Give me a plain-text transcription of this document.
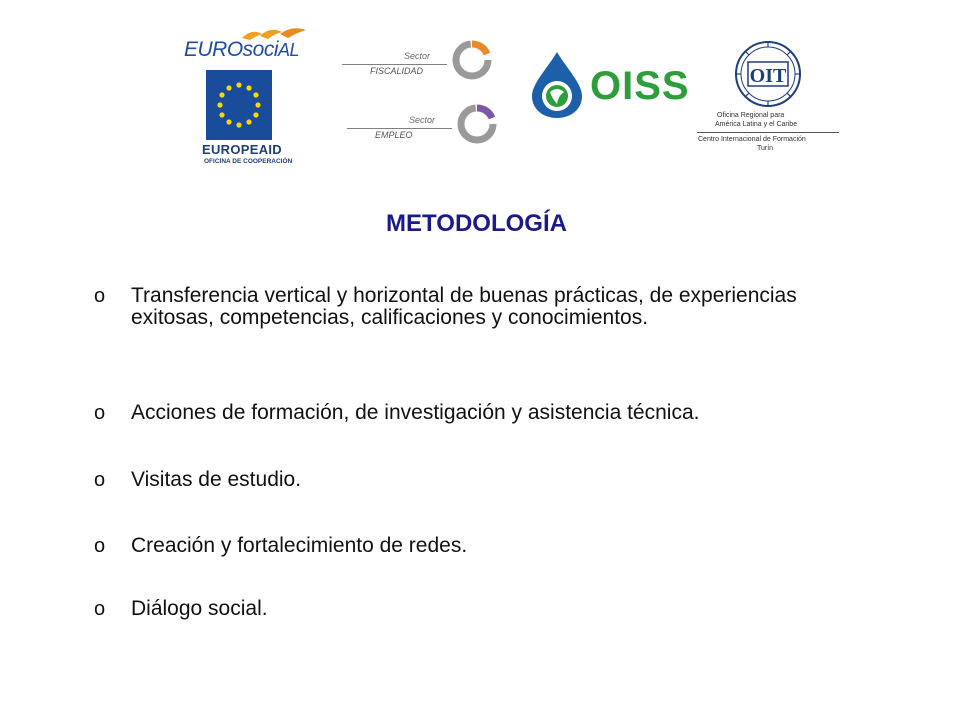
EUROsociAL
EUROPEAID
OFICINA DE COOPERACIÓN
Sector
FISCALIDAD
Sector
EMPLEO
OISS	OIT
Oficina Regional para
América Latina y el Caribe
Centro Internacional de Formación
Turín
METODOLOGÍA
o Transferencia vertical y horizontal de buenas prácticas, de experiencias exitosas, competencias, calificaciones y conocimientos.
o Acciones de formación, de investigación y asistencia técnica.
o Visitas de estudio.
o Creación y fortalecimiento de redes.
o Diálogo social.
